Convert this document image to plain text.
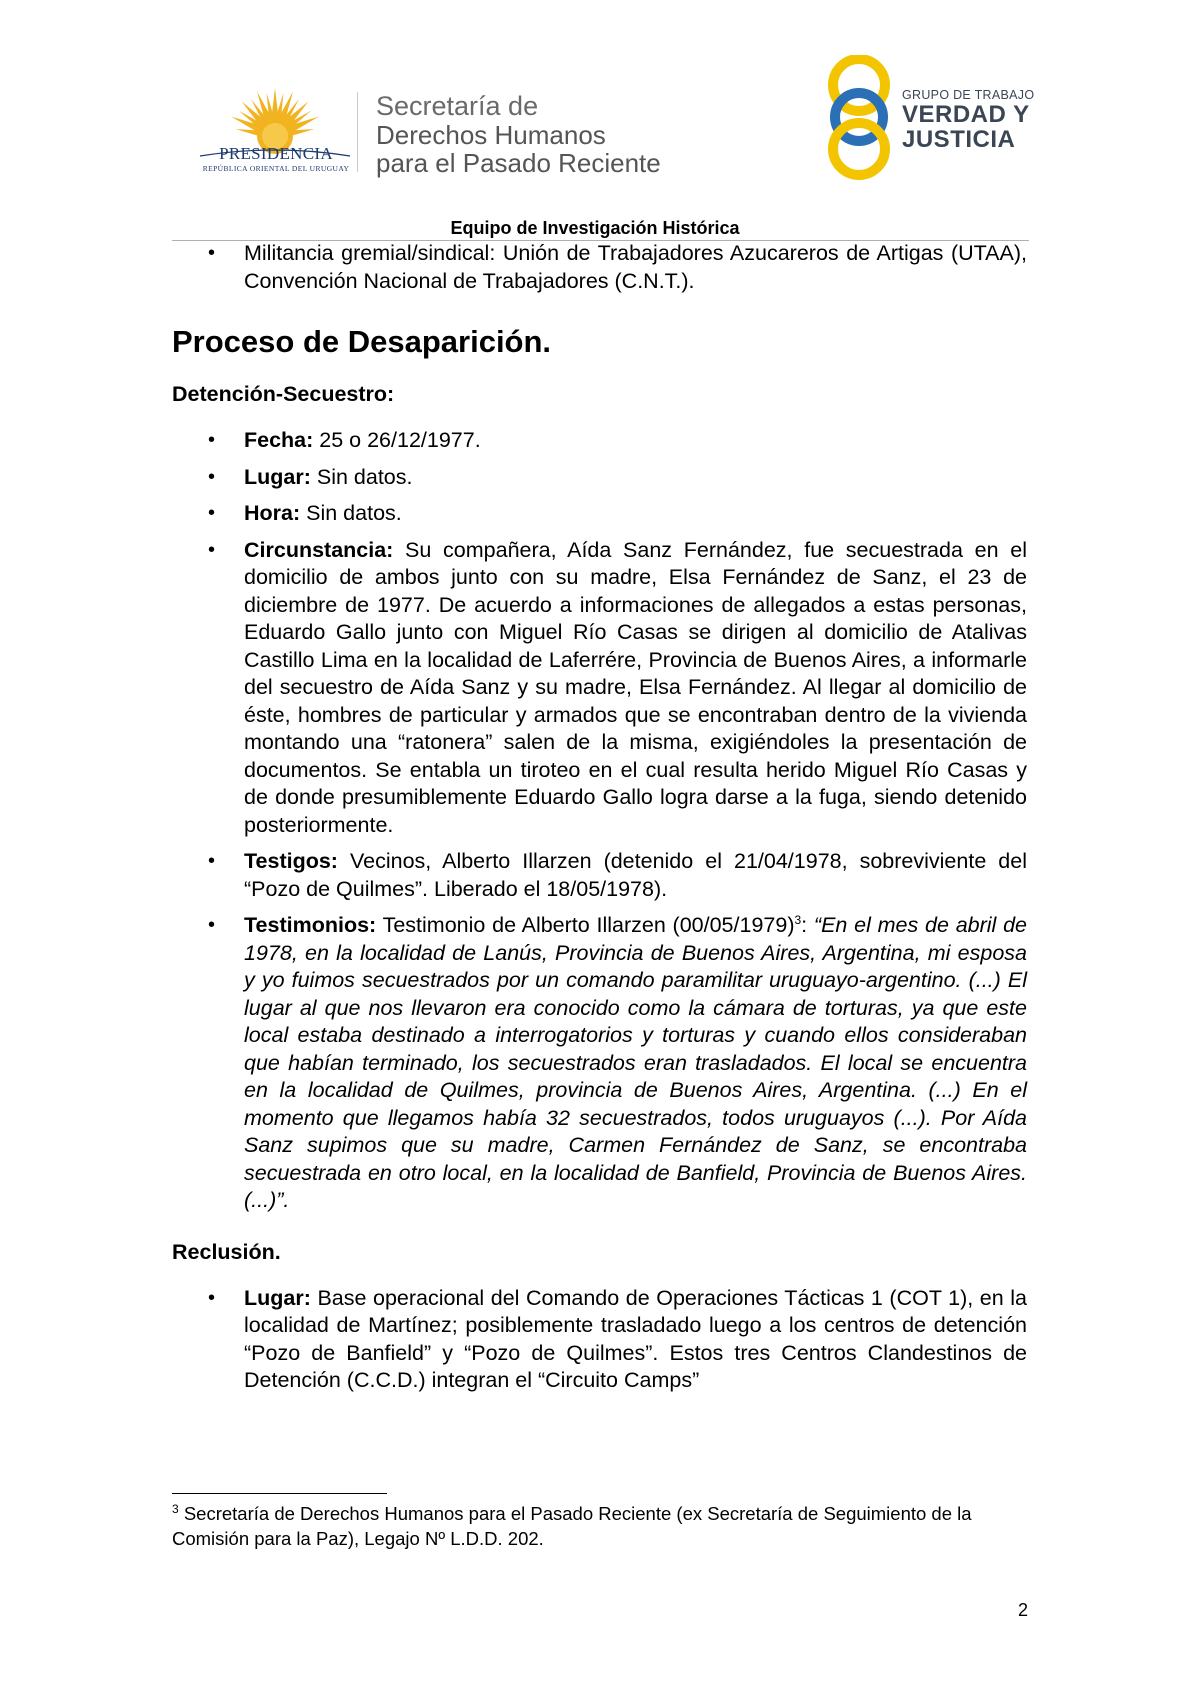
PRESIDENCIA
REPÚBLICA ORIENTAL DEL URUGUAY
Secretaría de
Derechos Humanos
para el Pasado Reciente
GRUPO DE TRABAJO
VERDAD Y
JUSTICIA
Equipo de Investigación Histórica
• Militancia gremial/sindical: Unión de Trabajadores Azucareros de Artigas (UTAA), Convención Nacional de Trabajadores (C.N.T.).
Proceso de Desaparición.
Detención-Secuestro:
• Fecha: 25 o 26/12/1977.
• Lugar: Sin datos.
• Hora: Sin datos.
• Circunstancia: Su compañera, Aída Sanz Fernández, fue secuestrada en el domicilio de ambos junto con su madre, Elsa Fernández de Sanz, el 23 de diciembre de 1977. De acuerdo a informaciones de allegados a estas personas, Eduardo Gallo junto con Miguel Río Casas se dirigen al domicilio de Atalivas Castillo Lima en la localidad de Laferrére, Provincia de Buenos Aires, a informarle del secuestro de Aída Sanz y su madre, Elsa Fernández. Al llegar al domicilio de éste, hombres de particular y armados que se encontraban dentro de la vivienda montando una “ratonera” salen de la misma, exigiéndoles la presentación de documentos. Se entabla un tiroteo en el cual resulta herido Miguel Río Casas y de donde presumiblemente Eduardo Gallo logra darse a la fuga, siendo detenido posteriormente.
• Testigos: Vecinos, Alberto Illarzen (detenido el 21/04/1978, sobreviviente del “Pozo de Quilmes”. Liberado el 18/05/1978).
• Testimonios: Testimonio de Alberto Illarzen $(00/05/1979)^3$: “En el mes de abril de 1978, en la localidad de Lanús, Provincia de Buenos Aires, Argentina, mi esposa y yo fuimos secuestrados por un comando paramilitar uruguayo-argentino. (...) El lugar al que nos llevaron era conocido como la cámara de torturas, ya que este local estaba destinado a interrogatorios y torturas y cuando ellos consideraban que habían terminado, los secuestrados eran trasladados. El local se encuentra en la localidad de Quilmes, provincia de Buenos Aires, Argentina. (...) En el momento que llegamos había 32 secuestrados, todos uruguayos (...). Por Aída Sanz supimos que su madre, Carmen Fernández de Sanz, se encontraba secuestrada en otro local, en la localidad de Banfield, Provincia de Buenos Aires. (...)”.
Reclusión.
• Lugar: Base operacional del Comando de Operaciones Tácticas 1 (COT 1), en la localidad de Martínez; posiblemente trasladado luego a los centros de detención “Pozo de Banfield” y “Pozo de Quilmes”. Estos tres Centros Clandestinos de Detención (C.C.D.) integran el “Circuito Camps”
$^3$ Secretaría de Derechos Humanos para el Pasado Reciente (ex Secretaría de Seguimiento de la Comisión para la Paz), Legajo Nº L.D.D. 202.
2
